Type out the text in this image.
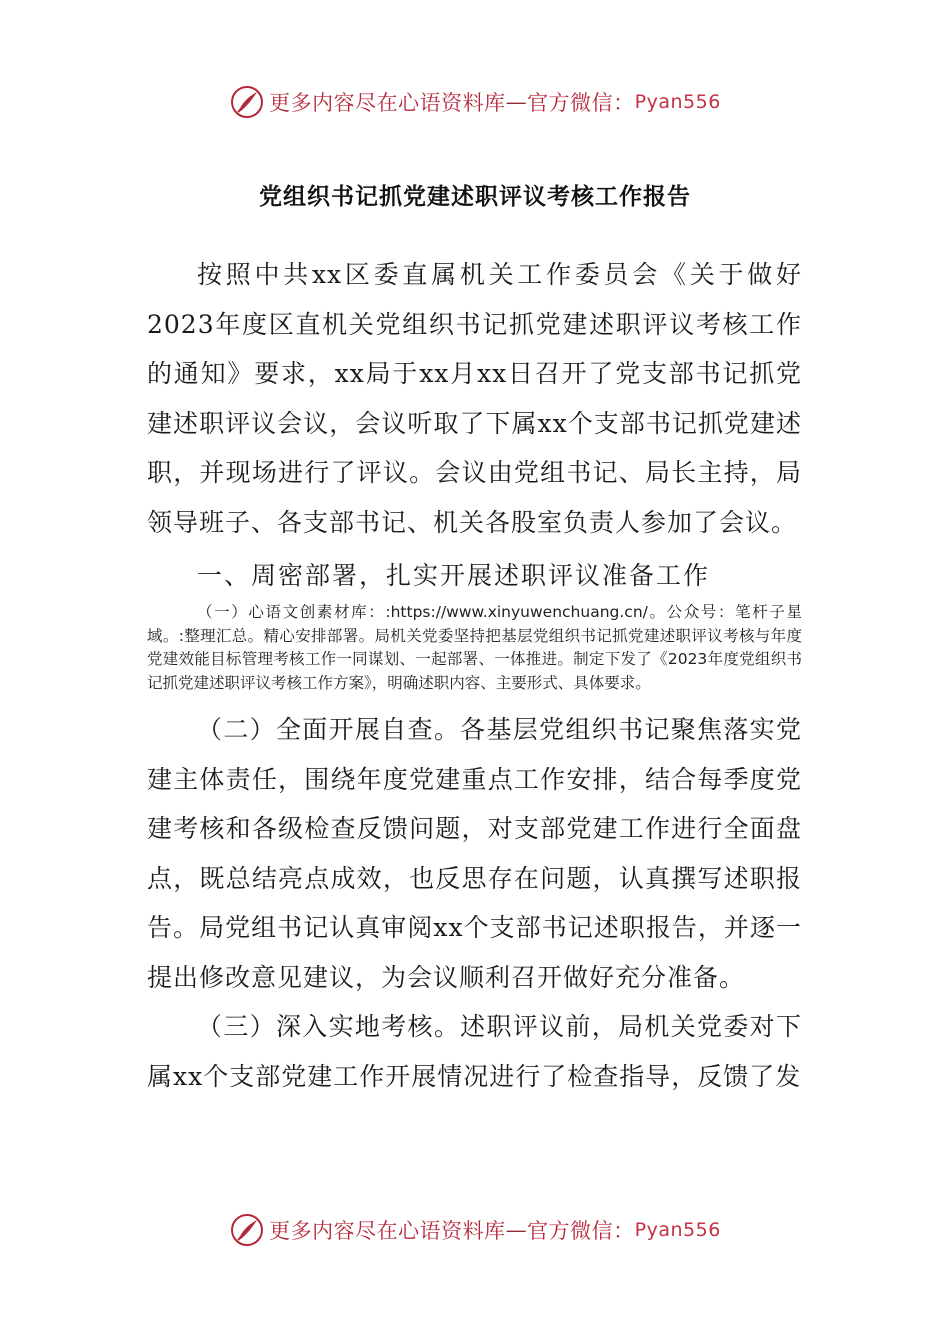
更多内容尽在心语资料库 — 官方微信： Pyan556
党组织书记抓党建述职评议考核工作报告

按照中共xx区委直属机关工作委员会《关于做好2023年度区直机关党组织书记抓党建述职评议考核工作的通知》要求，xx局于xx月xx日召开了党支部书记抓党建述职评议会议，会议听取了下属xx个支部书记抓党建述职，并现场进行了评议。会议由党组书记、局长主持，局领导班子、各支部书记、机关各股室负责人参加了会议。

一、周密部署，扎实开展述职评议准备工作

（一）心语文创素材库：:https://www.xinyuwenchuang.cn/。公众号：笔杆子星域。:整理汇总。精心安排部署。局机关党委坚持把基层党组织书记抓党建述职评议考核与年度党建效能目标管理考核工作一同谋划、一起部署、一体推进。制定下发了《2023年度党组织书记抓党建述职评议考核工作方案》，明确述职内容、主要形式、具体要求。

（二）全面开展自查。各基层党组织书记聚焦落实党建主体责任，围绕年度党建重点工作安排，结合每季度党建考核和各级检查反馈问题，对支部党建工作进行全面盘点，既总结亮点成效，也反思存在问题，认真撰写述职报告。局党组书记认真审阅xx个支部书记述职报告，并逐一提出修改意见建议，为会议顺利召开做好充分准备。

（三）深入实地考核。述职评议前，局机关党委对下属xx个支部党建工作开展情况进行了检查指导，反馈了发

更多内容尽在心语资料库 — 官方微信： Pyan556
